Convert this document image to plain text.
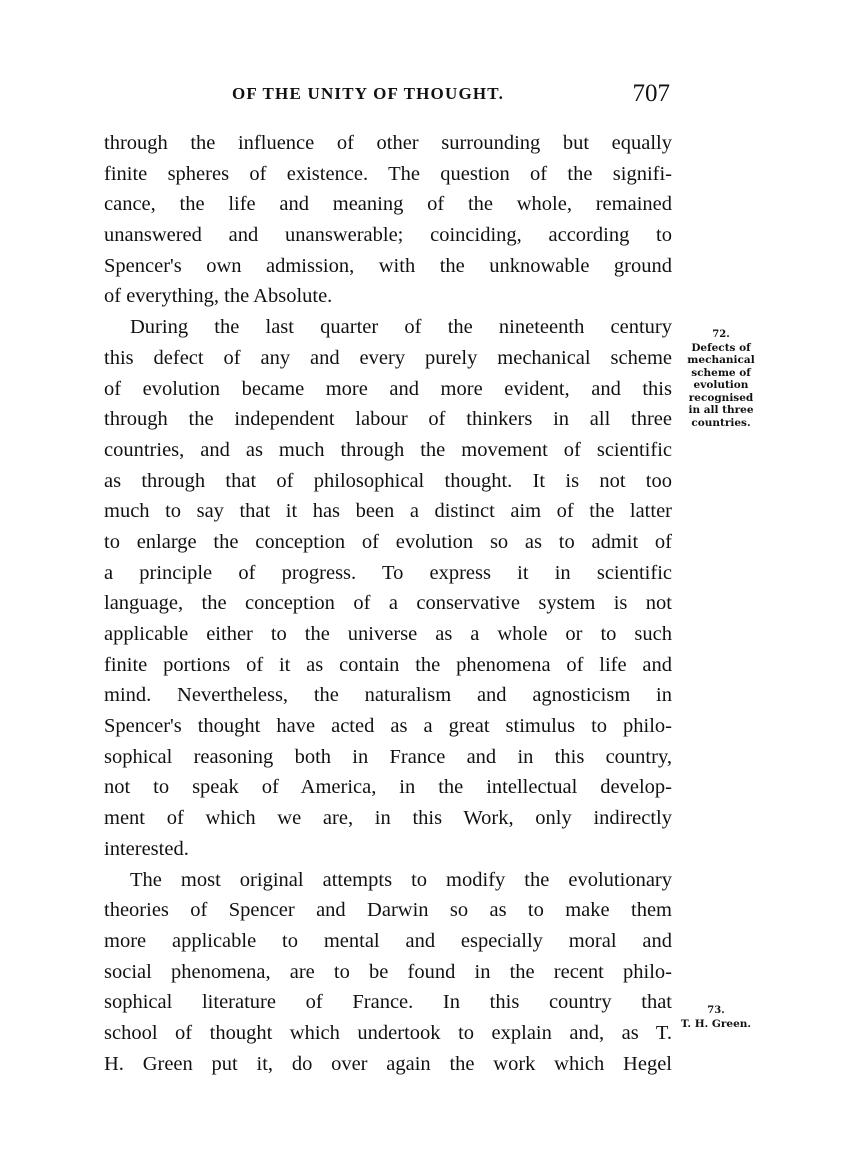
OF THE UNITY OF THOUGHT.	707
through the influence of other surrounding but equally
finite spheres of existence. The question of the signifi-
cance, the life and meaning of the whole, remained
unanswered and unanswerable; coinciding, according to
Spencer's own admission, with the unknowable ground
of everything, the Absolute.
During the last quarter of the nineteenth century
this defect of any and every purely mechanical scheme
of evolution became more and more evident, and this
through the independent labour of thinkers in all three
countries, and as much through the movement of scientific
as through that of philosophical thought. It is not too
much to say that it has been a distinct aim of the latter
to enlarge the conception of evolution so as to admit of
a principle of progress. To express it in scientific
language, the conception of a conservative system is not
applicable either to the universe as a whole or to such
finite portions of it as contain the phenomena of life and
mind. Nevertheless, the naturalism and agnosticism in
Spencer's thought have acted as a great stimulus to philo-
sophical reasoning both in France and in this country,
not to speak of America, in the intellectual develop-
ment of which we are, in this Work, only indirectly
interested.
The most original attempts to modify the evolutionary
theories of Spencer and Darwin so as to make them
more applicable to mental and especially moral and
social phenomena, are to be found in the recent philo-
sophical literature of France. In this country that
school of thought which undertook to explain and, as T.
H. Green put it, do over again the work which Hegel
72.
Defects of
mechanical
scheme of
evolution
recognised
in all three
countries.
73.
T. H. Green.
